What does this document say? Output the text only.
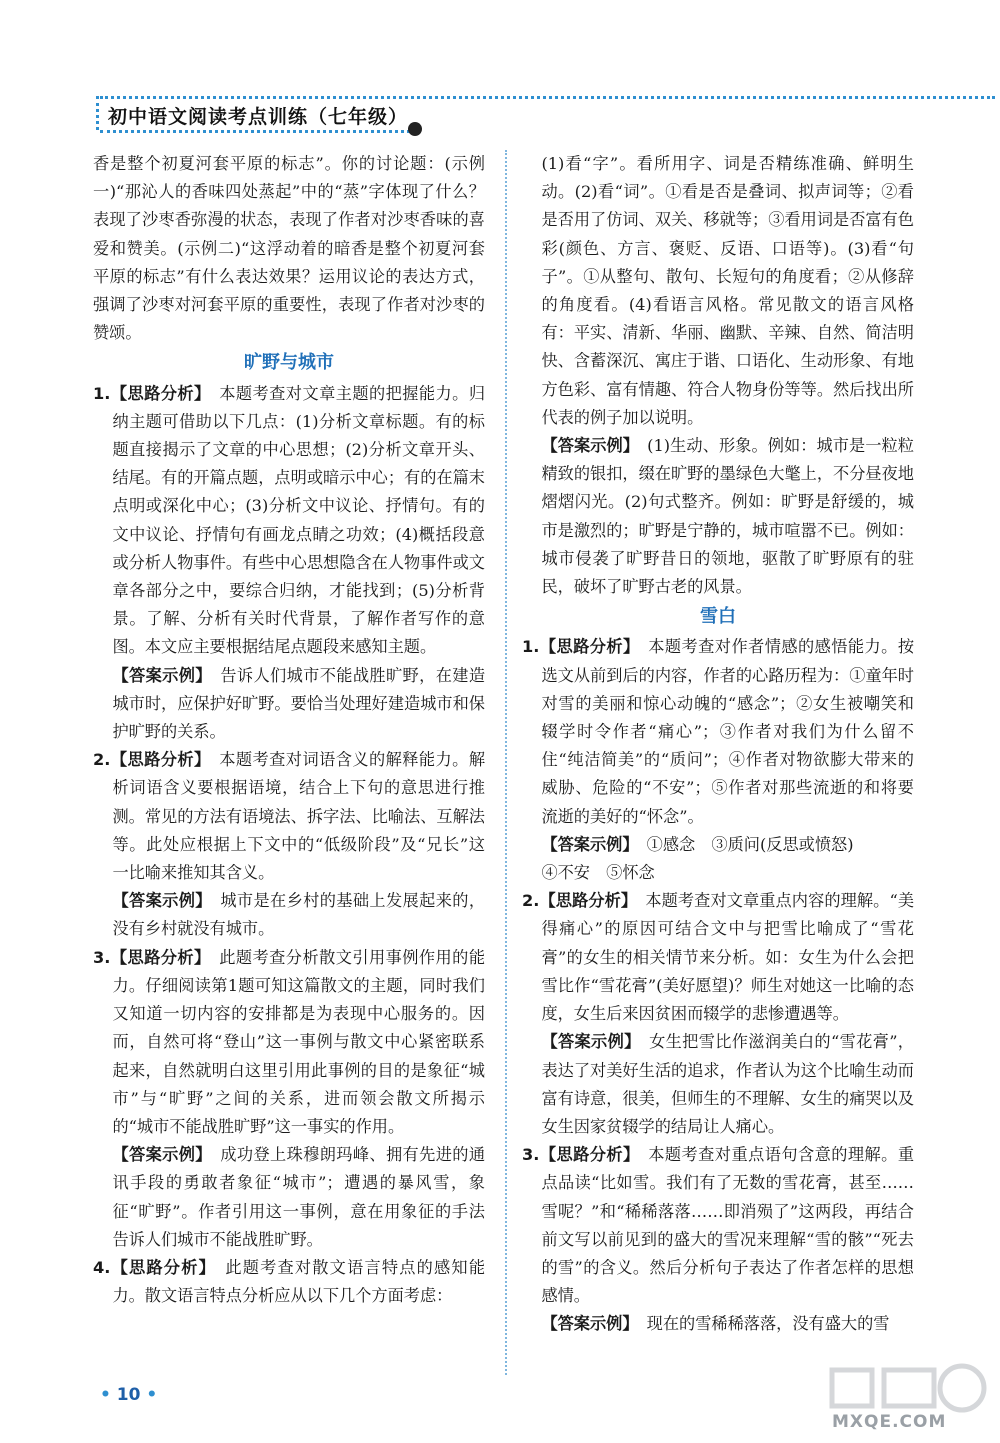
初中语文阅读考点训练（七年级）

香是整个初夏河套平原的标志”。你的讨论题：(示例一)“那沁人的香味四处蒸起”中的“蒸”字体现了什么？表现了沙枣香弥漫的状态，表现了作者对沙枣香味的喜爱和赞美。(示例二)“这浮动着的暗香是整个初夏河套平原的标志”有什么表达效果？运用议论的表达方式，强调了沙枣对河套平原的重要性，表现了作者对沙枣的赞颂。

旷野与城市

1.【思路分析】　 本题考查对文章主题的把握能力。归纳主题可借助以下几点：(1)分析文章标题。有的标题直接揭示了文章的中心思想；(2)分析文章开头、结尾。有的开篇点题，点明或暗示中心；有的在篇末点明或深化中心；(3)分析文中议论、抒情句。有的文中议论、抒情句有画龙点睛之功效；(4)概括段意或分析人物事件。有些中心思想隐含在人物事件或文章各部分之中，要综合归纳，才能找到；(5)分析背景。了解、分析有关时代背景，了解作者写作的意图。本文应主要根据结尾点题段来感知主题。

【答案示例】　 告诉人们城市不能战胜旷野，在建造城市时，应保护好旷野。要恰当处理好建造城市和保护旷野的关系。

2.【思路分析】　 本题考查对词语含义的解释能力。解析词语含义要根据语境，结合上下句的意思进行推测。常见的方法有语境法、拆字法、比喻法、互解法等。此处应根据上下文中的“低级阶段”及“兄长”这一比喻来推知其含义。

【答案示例】　 城市是在乡村的基础上发展起来的，没有乡村就没有城市。

3.【思路分析】　 此题考查分析散文引用事例作用的能力。仔细阅读第1题可知这篇散文的主题，同时我们又知道一切内容的安排都是为表现中心服务的。因而，自然可将“登山”这一事例与散文中心紧密联系起来，自然就明白这里引用此事例的目的是象征“城市”与“旷野”之间的关系，进而领会散文所揭示的“城市不能战胜旷野”这一事实的作用。

【答案示例】　 成功登上珠穆朗玛峰、拥有先进的通讯手段的勇敢者象征“城市”；遭遇的暴风雪，象征“旷野”。作者引用这一事例，意在用象征的手法告诉人们城市不能战胜旷野。

4.【思路分析】　 此题考查对散文语言特点的感知能力。散文语言特点分析应从以下几个方面考虑：

(1)看“字”。看所用字、词是否精练准确、鲜明生动。(2)看“词”。①看是否是叠词、拟声词等；②看是否用了仿词、双关、移就等；③看用词是否富有色彩(颜色、方言、褒贬、反语、口语等)。(3)看“句子”。①从整句、散句、长短句的角度看；②从修辞的角度看。(4)看语言风格。常见散文的语言风格有：平实、清新、华丽、幽默、辛辣、自然、简洁明快、含蓄深沉、寓庄于谐、口语化、生动形象、有地方色彩、富有情趣、符合人物身份等等。然后找出所代表的例子加以说明。

【答案示例】　 (1)生动、形象。例如：城市是一粒粒精致的银扣，缀在旷野的墨绿色大氅上，不分昼夜地熠熠闪光。(2)句式整齐。例如：旷野是舒缓的，城市是激烈的；旷野是宁静的，城市喧嚣不已。例如：城市侵袭了旷野昔日的领地，驱散了旷野原有的驻民，破坏了旷野古老的风景。

雪白

1.【思路分析】　 本题考查对作者情感的感悟能力。按选文从前到后的内容，作者的心路历程为：①童年时对雪的美丽和惊心动魄的“感念”；②女生被嘲笑和辍学时令作者“痛心”；③作者对我们为什么留不住“纯洁简美”的“质问”；④作者对物欲膨大带来的威胁、危险的“不安”；⑤作者对那些流逝的和将要流逝的美好的“怀念”。

【答案示例】　 ①感念　③质问(反思或愤怒)

④不安　⑤怀念

2.【思路分析】　 本题考查对文章重点内容的理解。“美得痛心”的原因可结合文中与把雪比喻成了“雪花膏”的女生的相关情节来分析。如：女生为什么会把雪比作“雪花膏”(美好愿望)？师生对她这一比喻的态度，女生后来因贫困而辍学的悲惨遭遇等。

【答案示例】　 女生把雪比作滋润美白的“雪花膏”，表达了对美好生活的追求，作者认为这个比喻生动而富有诗意，很美，但师生的不理解、女生的痛哭以及女生因家贫辍学的结局让人痛心。

3.【思路分析】　 本题考查对重点语句含意的理解。重点品读“比如雪。我们有了无数的雪花膏，甚至……雪呢？”和“稀稀落落……即消殒了”这两段，再结合前文写以前见到的盛大的雪况来理解“雪的骸”“死去的雪”的含义。然后分析句子表达了作者怎样的思想感情。

【答案示例】　 现在的雪稀稀落落，没有盛大的雪

• 10 •
MXQE.COM
